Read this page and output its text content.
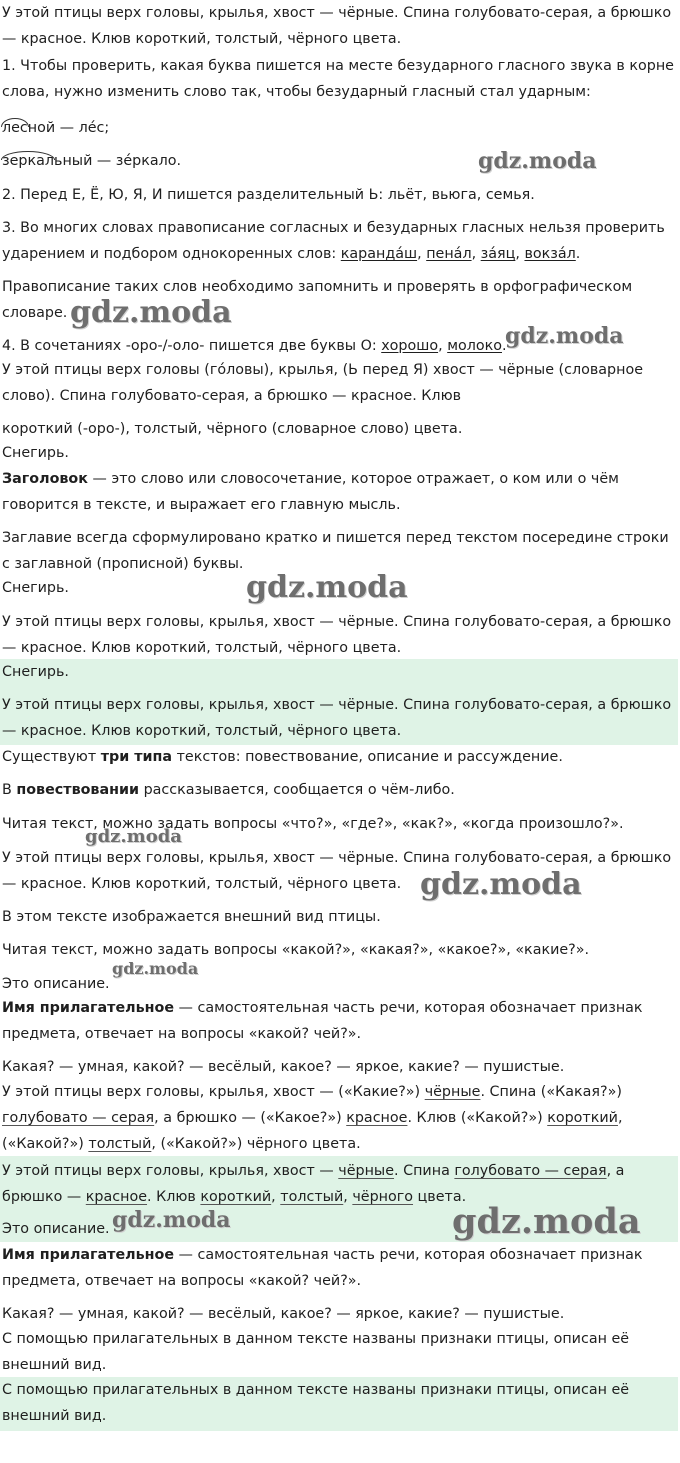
У этой птицы верх головы, крылья, хвост — чёрные. Спина голубовато-серая, а брюшко — красное. Клюв короткий, толстый, чёрного цвета.
1. Чтобы проверить, какая буква пишется на месте безударного гласного звука в корне слова, нужно изменить слово так, чтобы безударный гласный стал ударным:
лесной — лéс;
зеркальный — зéркало.
2. Перед Е, Ё, Ю, Я, И пишется разделительный Ь: льёт, вьюга, семья.
3. Во многих словах правописание согласных и безударных гласных нельзя проверить ударением и подбором однокоренных слов: карандáш, пенáл, зáяц, вокзáл.
Правописание таких слов необходимо запомнить и проверять в орфографическом словаре.
4. В сочетаниях -оро-/-оло- пишется две буквы О: хорошо, молоко.
У этой птицы верх головы (гóловы), крылья, (Ь перед Я) хвост — чёрные (словарное слово). Спина голубовато-серая, а брюшко — красное. Клюв
короткий (-оро-), толстый, чёрного (словарное слово) цвета.
Снегирь.
Заголовок — это слово или словосочетание, которое отражает, о ком или о чём говорится в тексте, и выражает его главную мысль.
Заглавие всегда сформулировано кратко и пишется перед текстом посередине строки с заглавной (прописной) буквы.
Снегирь.
У этой птицы верх головы, крылья, хвост — чёрные. Спина голубовато-серая, а брюшко — красное. Клюв короткий, толстый, чёрного цвета.
Снегирь.
У этой птицы верх головы, крылья, хвост — чёрные. Спина голубовато-серая, а брюшко — красное. Клюв короткий, толстый, чёрного цвета.
Существуют три типа текстов: повествование, описание и рассуждение.
В повествовании рассказывается, сообщается о чём-либо.
Читая текст, можно задать вопросы «что?», «где?», «как?», «когда произошло?».
У этой птицы верх головы, крылья, хвост — чёрные. Спина голубовато-серая, а брюшко — красное. Клюв короткий, толстый, чёрного цвета.
В этом тексте изображается внешний вид птицы.
Читая текст, можно задать вопросы «какой?», «какая?», «какое?», «какие?».
Это описание.
Имя прилагательное — самостоятельная часть речи, которая обозначает признак предмета, отвечает на вопросы «какой? чей?».
Какая? — умная, какой? — весёлый, какое? — яркое, какие? — пушистые.
У этой птицы верх головы, крылья, хвост — («Какие?») чёрные. Спина («Какая?») голубовато — серая, а брюшко — («Какое?») красное. Клюв («Какой?») короткий, («Какой?») толстый, («Какой?») чёрного цвета.
У этой птицы верх головы, крылья, хвост — чёрные. Спина голубовато — серая, а брюшко — красное. Клюв короткий, толстый, чёрного цвета.
Это описание.
Имя прилагательное — самостоятельная часть речи, которая обозначает признак предмета, отвечает на вопросы «какой? чей?».
Какая? — умная, какой? — весёлый, какое? — яркое, какие? — пушистые.
С помощью прилагательных в данном тексте названы признаки птицы, описан её внешний вид.
С помощью прилагательных в данном тексте названы признаки птицы, описан её внешний вид.
gdz.moda
gdz.moda
gdz.moda
gdz.moda
gdz.moda
gdz.moda
gdz.moda
gdz.moda	gdz.moda
